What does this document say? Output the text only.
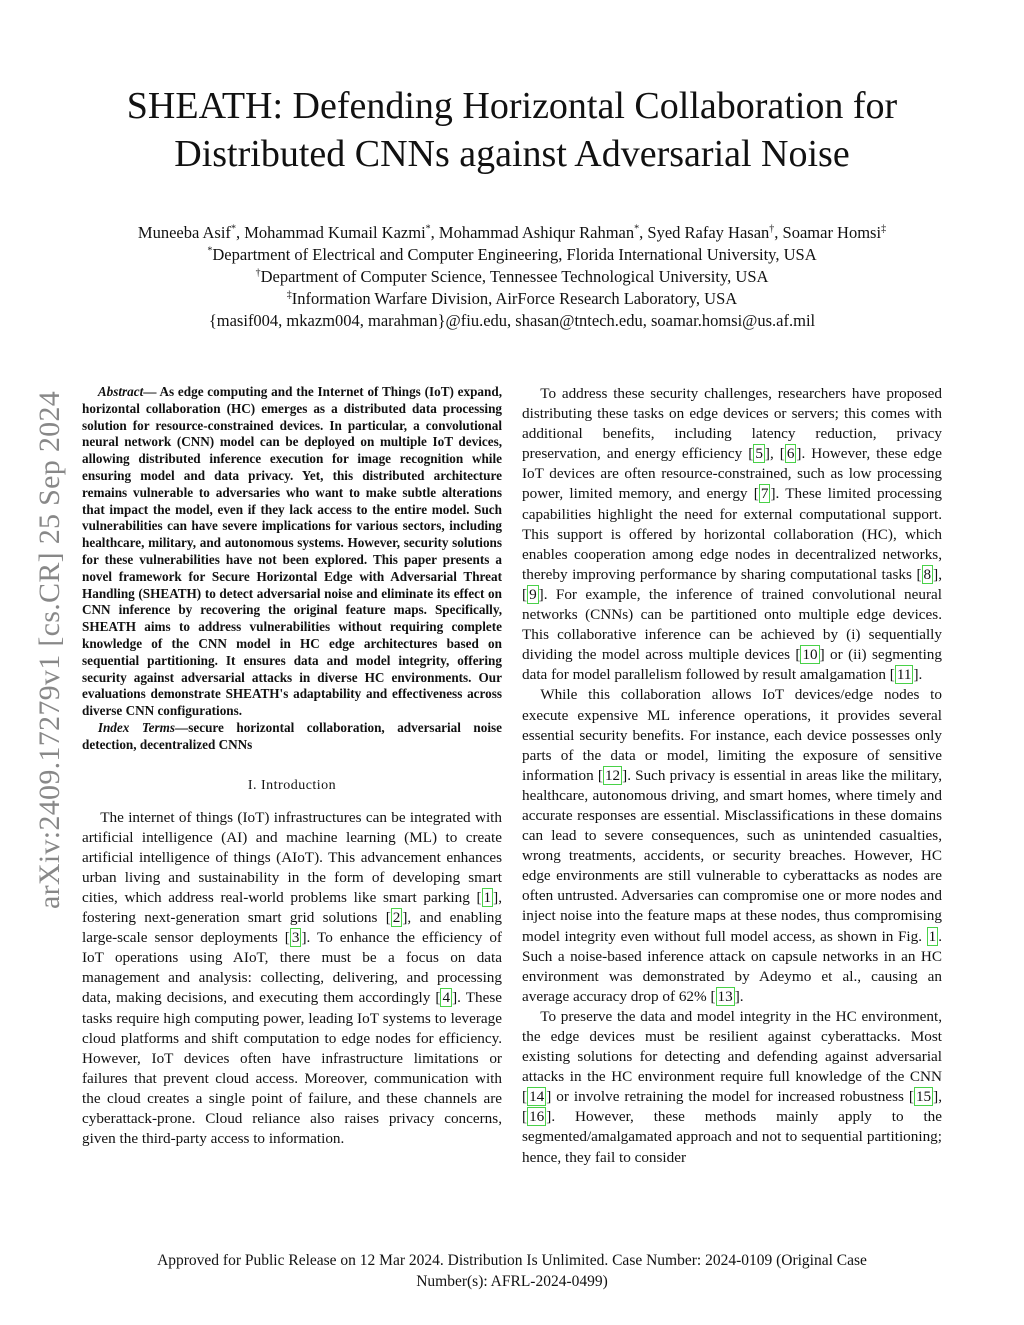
SHEATH: Defending Horizontal Collaboration for
Distributed CNNs against Adversarial Noise
Muneeba Asif*, Mohammad Kumail Kazmi*, Mohammad Ashiqur Rahman*, Syed Rafay Hasan†, Soamar Homsi‡
*Department of Electrical and Computer Engineering, Florida International University, USA
†Department of Computer Science, Tennessee Technological University, USA
‡Information Warfare Division, AirForce Research Laboratory, USA
{masif004, mkazm004, marahman}@fiu.edu, shasan@tntech.edu, soamar.homsi@us.af.mil
arXiv:2409.17279v1 [cs.CR] 25 Sep 2024	Abstract— As edge computing and the Internet of Things (IoT) expand, horizontal collaboration (HC) emerges as a distributed data processing solution for resource-constrained devices. In particular, a convolutional neural network (CNN) model can be deployed on multiple IoT devices, allowing distributed inference execution for image recognition while ensuring model and data privacy. Yet, this distributed architecture remains vulnerable to adversaries who want to make subtle alterations that impact the model, even if they lack access to the entire model. Such vulnerabilities can have severe implications for various sectors, including healthcare, military, and autonomous systems. However, security solutions for these vulnerabilities have not been explored. This paper presents a novel framework for Secure Horizontal Edge with Adversarial Threat Handling (SHEATH) to detect adversarial noise and eliminate its effect on CNN inference by recovering the original feature maps. Specifically, SHEATH aims to address vulnerabilities without requiring complete knowledge of the CNN model in HC edge architectures based on sequential partitioning. It ensures data and model integrity, offering security against adversarial attacks in diverse HC environments. Our evaluations demonstrate SHEATH's adaptability and effectiveness across diverse CNN configurations.

Index Terms—secure horizontal collaboration, adversarial noise detection, decentralized CNNs

I. Introduction

The internet of things (IoT) infrastructures can be integrated with artificial intelligence (AI) and machine learning (ML) to create artificial intelligence of things (AIoT). This advancement enhances urban living and sustainability in the form of developing smart cities, which address real-world problems like smart parking [ 1 ], fostering next-generation smart grid solutions [ 2 ], and enabling large-scale sensor deployments [ 3 ]. To enhance the efficiency of IoT operations using AIoT, there must be a focus on data management and analysis: collecting, delivering, and processing data, making decisions, and executing them accordingly [ 4 ]. These tasks require high computing power, leading IoT systems to leverage cloud platforms and shift computation to edge nodes for efficiency. However, IoT devices often have infrastructure limitations or failures that prevent cloud access. Moreover, communication with the cloud creates a single point of failure, and these channels are cyberattack-prone. Cloud reliance also raises privacy concerns, given the third-party access to information.

To address these security challenges, researchers have proposed distributing these tasks on edge devices or servers; this comes with additional benefits, including latency reduction, privacy preservation, and energy efficiency [ 5 ], [ 6 ]. However, these edge IoT devices are often resource-constrained, such as low processing power, limited memory, and energy [ 7 ]. These limited processing capabilities highlight the need for external computational support. This support is offered by horizontal collaboration (HC), which enables cooperation among edge nodes in decentralized networks, thereby improving performance by sharing computational tasks [ 8 ], [ 9 ]. For example, the inference of trained convolutional neural networks (CNNs) can be partitioned onto multiple edge devices. This collaborative inference can be achieved by (i) sequentially dividing the model across multiple devices [ 10 ] or (ii) segmenting data for model parallelism followed by result amalgamation [ 11 ].

While this collaboration allows IoT devices/edge nodes to execute expensive ML inference operations, it provides several essential security benefits. For instance, each device possesses only parts of the data or model, limiting the exposure of sensitive information [ 12 ]. Such privacy is essential in areas like the military, healthcare, autonomous driving, and smart homes, where timely and accurate responses are essential. Misclassifications in these domains can lead to severe consequences, such as unintended casualties, wrong treatments, accidents, or security breaches. However, HC edge environments are still vulnerable to cyberattacks as nodes are often untrusted. Adversaries can compromise one or more nodes and inject noise into the feature maps at these nodes, thus compromising model integrity even without full model access, as shown in Fig. 1 . Such a noise-based inference attack on capsule networks in an HC environment was demonstrated by Adeymo et al., causing an average accuracy drop of 62% [ 13 ].

To preserve the data and model integrity in the HC environment, the edge devices must be resilient against cyberattacks. Most existing solutions for detecting and defending against adversarial attacks in the HC environment require full knowledge of the CNN [ 14 ] or involve retraining the model for increased robustness [ 15 ], [ 16 ]. However, these methods mainly apply to the segmented/amalgamated approach and not to sequential partitioning; hence, they fail to consider

Approved for Public Release on 12 Mar 2024. Distribution Is Unlimited. Case Number: 2024-0109 (Original Case
Number(s): AFRL-2024-0499)
